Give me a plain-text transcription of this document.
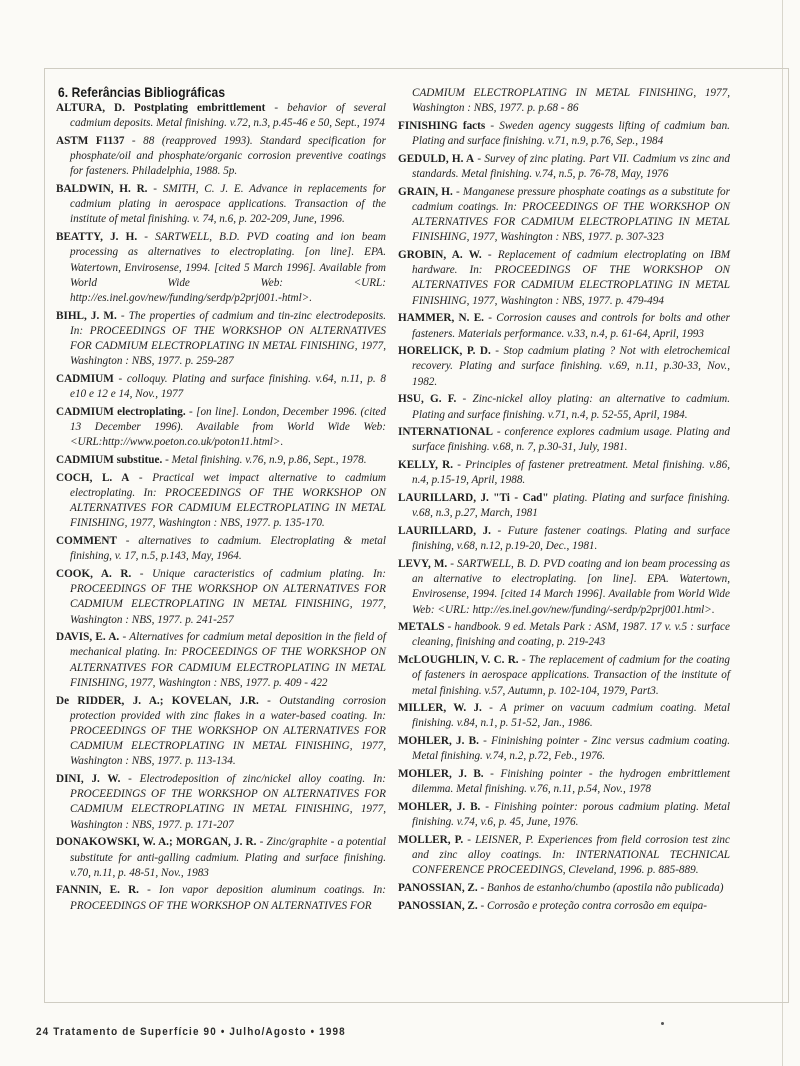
6. Referâncias Bibliográficas

ALTURA, D. Postplating embrittlement - behavior of several cadmium deposits. Metal finishing. v.72, n.3, p.45-46 e 50, Sept., 1974

ASTM F1137 - 88 (reapproved 1993). Standard specification for phosphate/oil and phosphate/organic corrosion preventive coatings for fasteners. Philadelphia, 1988. 5p.

BALDWIN, H. R. - SMITH, C. J. E. Advance in replacements for cadmium plating in aerospace applications. Transaction of the institute of metal finishing. v. 74, n.6, p. 202-209, June, 1996.

BEATTY, J. H. - SARTWELL, B.D. PVD coating and ion beam processing as alternatives to electroplating. [on line]. EPA. Watertown, Envirosense, 1994. [cited 5 March 1996]. Available from World Wide Web: <URL: http://es.inel.gov/new/funding/serdp/p2prj001.-html>.

BIHL, J. M. - The properties of cadmium and tin-zinc electrodeposits. In: PROCEEDINGS OF THE WORKSHOP ON ALTERNATIVES FOR CADMIUM ELECTROPLATING IN METAL FINISHING, 1977, Washington : NBS, 1977. p. 259-287

CADMIUM - colloquy. Plating and surface finishing. v.64, n.11, p. 8 e10 e 12 e 14, Nov., 1977

CADMIUM electroplating. - [on line]. London, December 1996. (cited 13 December 1996). Available from World Wide Web: <URL:http://www.poeton.co.uk/poton11.html>.

CADMIUM substitue. - Metal finishing. v.76, n.9, p.86, Sept., 1978.

COCH, L. A - Practical wet impact alternative to cadmium electroplating. In: PROCEEDINGS OF THE WORKSHOP ON ALTERNATIVES FOR CADMIUM ELECTROPLATING IN METAL FINISHING, 1977, Washington : NBS, 1977. p. 135-170.

COMMENT - alternatives to cadmium. Electroplating & metal finishing, v. 17, n.5, p.143, May, 1964.

COOK, A. R. - Unique caracteristics of cadmium plating. In: PROCEEDINGS OF THE WORKSHOP ON ALTERNATIVES FOR CADMIUM ELECTROPLATING IN METAL FINISHING, 1977, Washington : NBS, 1977. p. 241-257

DAVIS, E. A. - Alternatives for cadmium metal deposition in the field of mechanical plating. In: PROCEEDINGS OF THE WORKSHOP ON ALTERNATIVES FOR CADMIUM ELECTROPLATING IN METAL FINISHING, 1977, Washington : NBS, 1977. p. 409 - 422

De RIDDER, J. A.; KOVELAN, J.R. - Outstanding corrosion protection provided with zinc flakes in a water-based coating. In: PROCEEDINGS OF THE WORKSHOP ON ALTERNATIVES FOR CADMIUM ELECTROPLATING IN METAL FINISHING, 1977, Washington : NBS, 1977. p. 113-134.

DINI, J. W. - Electrodeposition of zinc/nickel alloy coating. In: PROCEEDINGS OF THE WORKSHOP ON ALTERNATIVES FOR CADMIUM ELECTROPLATING IN METAL FINISHING, 1977, Washington : NBS, 1977. p. 171-207

DONAKOWSKI, W. A.; MORGAN, J. R. - Zinc/graphite - a potential substitute for anti-galling cadmium. Plating and surface finishing. v.70, n.11, p. 48-51, Nov., 1983

FANNIN, E. R. - Ion vapor deposition aluminum coatings. In: PROCEEDINGS OF THE WORKSHOP ON ALTERNATIVES FOR

CADMIUM ELECTROPLATING IN METAL FINISHING, 1977, Washington : NBS, 1977. p. p.68 - 86

FINISHING facts - Sweden agency suggests lifting of cadmium ban. Plating and surface finishing. v.71, n.9, p.76, Sep., 1984

GEDULD, H. A - Survey of zinc plating. Part VII. Cadmium vs zinc and standards. Metal finishing. v.74, n.5, p. 76-78, May, 1976

GRAIN, H. - Manganese pressure phosphate coatings as a substitute for cadmium coatings. In: PROCEEDINGS OF THE WORKSHOP ON ALTERNATIVES FOR CADMIUM ELECTROPLATING IN METAL FINISHING, 1977, Washington : NBS, 1977. p. 307-323

GROBIN, A. W. - Replacement of cadmium electroplating on IBM hardware. In: PROCEEDINGS OF THE WORKSHOP ON ALTERNATIVES FOR CADMIUM ELECTROPLATING IN METAL FINISHING, 1977, Washington : NBS, 1977. p. 479-494

HAMMER, N. E. - Corrosion causes and controls for bolts and other fasteners. Materials performance. v.33, n.4, p. 61-64, April, 1993

HORELICK, P. D. - Stop cadmium plating ? Not with eletrochemical recovery. Plating and surface finishing. v.69, n.11, p.30-33, Nov., 1982.

HSU, G. F. - Zinc-nickel alloy plating: an alternative to cadmium. Plating and surface finishing. v.71, n.4, p. 52-55, April, 1984.

INTERNATIONAL - conference explores cadmium usage. Plating and surface finishing. v.68, n. 7, p.30-31, July, 1981.

KELLY, R. - Principles of fastener pretreatment. Metal finishing. v.86, n.4, p.15-19, April, 1988.

LAURILLARD, J. "Ti - Cad" plating. Plating and surface finishing. v.68, n.3, p.27, March, 1981

LAURILLARD, J. - Future fastener coatings. Plating and surface finishing, v.68, n.12, p.19-20, Dec., 1981.

LEVY, M. - SARTWELL, B. D. PVD coating and ion beam processing as an alternative to electroplating. [on line]. EPA. Watertown, Envirosense, 1994. [cited 14 March 1996]. Available from World Wide Web: <URL: http://es.inel.gov/new/funding/-serdp/p2prj001.html>.

METALS - handbook. 9 ed. Metals Park : ASM, 1987. 17 v. v.5 : surface cleaning, finishing and coating, p. 219-243

McLOUGHLIN, V. C. R. - The replacement of cadmium for the coating of fasteners in aerospace applications. Transaction of the institute of metal finishing. v.57, Autumn, p. 102-104, 1979, Part3.

MILLER, W. J. - A primer on vacuum cadmium coating. Metal finishing. v.84, n.1, p. 51-52, Jan., 1986.

MOHLER, J. B. - Fininishing pointer - Zinc versus cadmium coating. Metal finishing. v.74, n.2, p.72, Feb., 1976.

MOHLER, J. B. - Finishing pointer - the hydrogen embrittlement dilemma. Metal finishing. v.76, n.11, p.54, Nov., 1978

MOHLER, J. B. - Finishing pointer: porous cadmium plating. Metal finishing. v.74, v.6, p. 45, June, 1976.

MOLLER, P. - LEISNER, P. Experiences from field corrosion test zinc and zinc alloy coatings. In: INTERNATIONAL TECHNICAL CONFERENCE PROCEEDINGS, Cleveland, 1996. p. 885-889.

PANOSSIAN, Z. - Banhos de estanho/chumbo (apostila não publicada)

PANOSSIAN, Z. - Corrosão e proteção contra corrosão em equipa-

24 Tratamento de Superfície 90 • Julho/Agosto • 1998
